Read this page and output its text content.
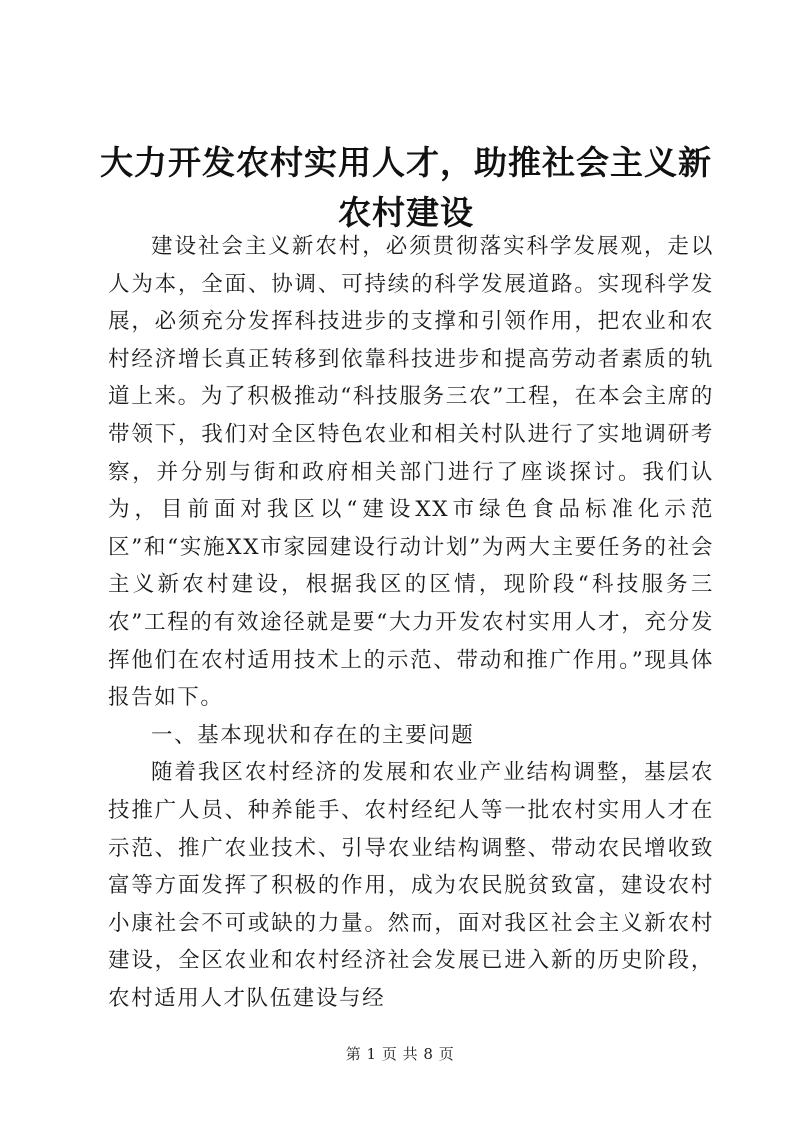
大力开发农村实用人才，助推社会主义新农村建设

建设社会主义新农村，必须贯彻落实科学发展观，走以人为本，全面、协调、可持续的科学发展道路。实现科学发展，必须充分发挥科技进步的支撑和引领作用，把农业和农村经济增长真正转移到依靠科技进步和提高劳动者素质的轨道上来。为了积极推动“科技服务三农”工程，在本会主席的带领下，我们对全区特色农业和相关村队进行了实地调研考察，并分别与街和政府相关部门进行了座谈探讨。我们认为，目前面对我区以“建设XX市绿色食品标准化示范区”和“实施XX市家园建设行动计划”为两大主要任务的社会主义新农村建设，根据我区的区情，现阶段“科技服务三农”工程的有效途径就是要“大力开发农村实用人才，充分发挥他们在农村适用技术上的示范、带动和推广作用。”现具体报告如下。

一、基本现状和存在的主要问题

随着我区农村经济的发展和农业产业结构调整，基层农技推广人员、种养能手、农村经纪人等一批农村实用人才在示范、推广农业技术、引导农业结构调整、带动农民增收致富等方面发挥了积极的作用，成为农民脱贫致富，建设农村小康社会不可或缺的力量。然而，面对我区社会主义新农村建设，全区农业和农村经济社会发展已进入新的历史阶段，农村适用人才队伍建设与经

第 1 页 共 8 页
